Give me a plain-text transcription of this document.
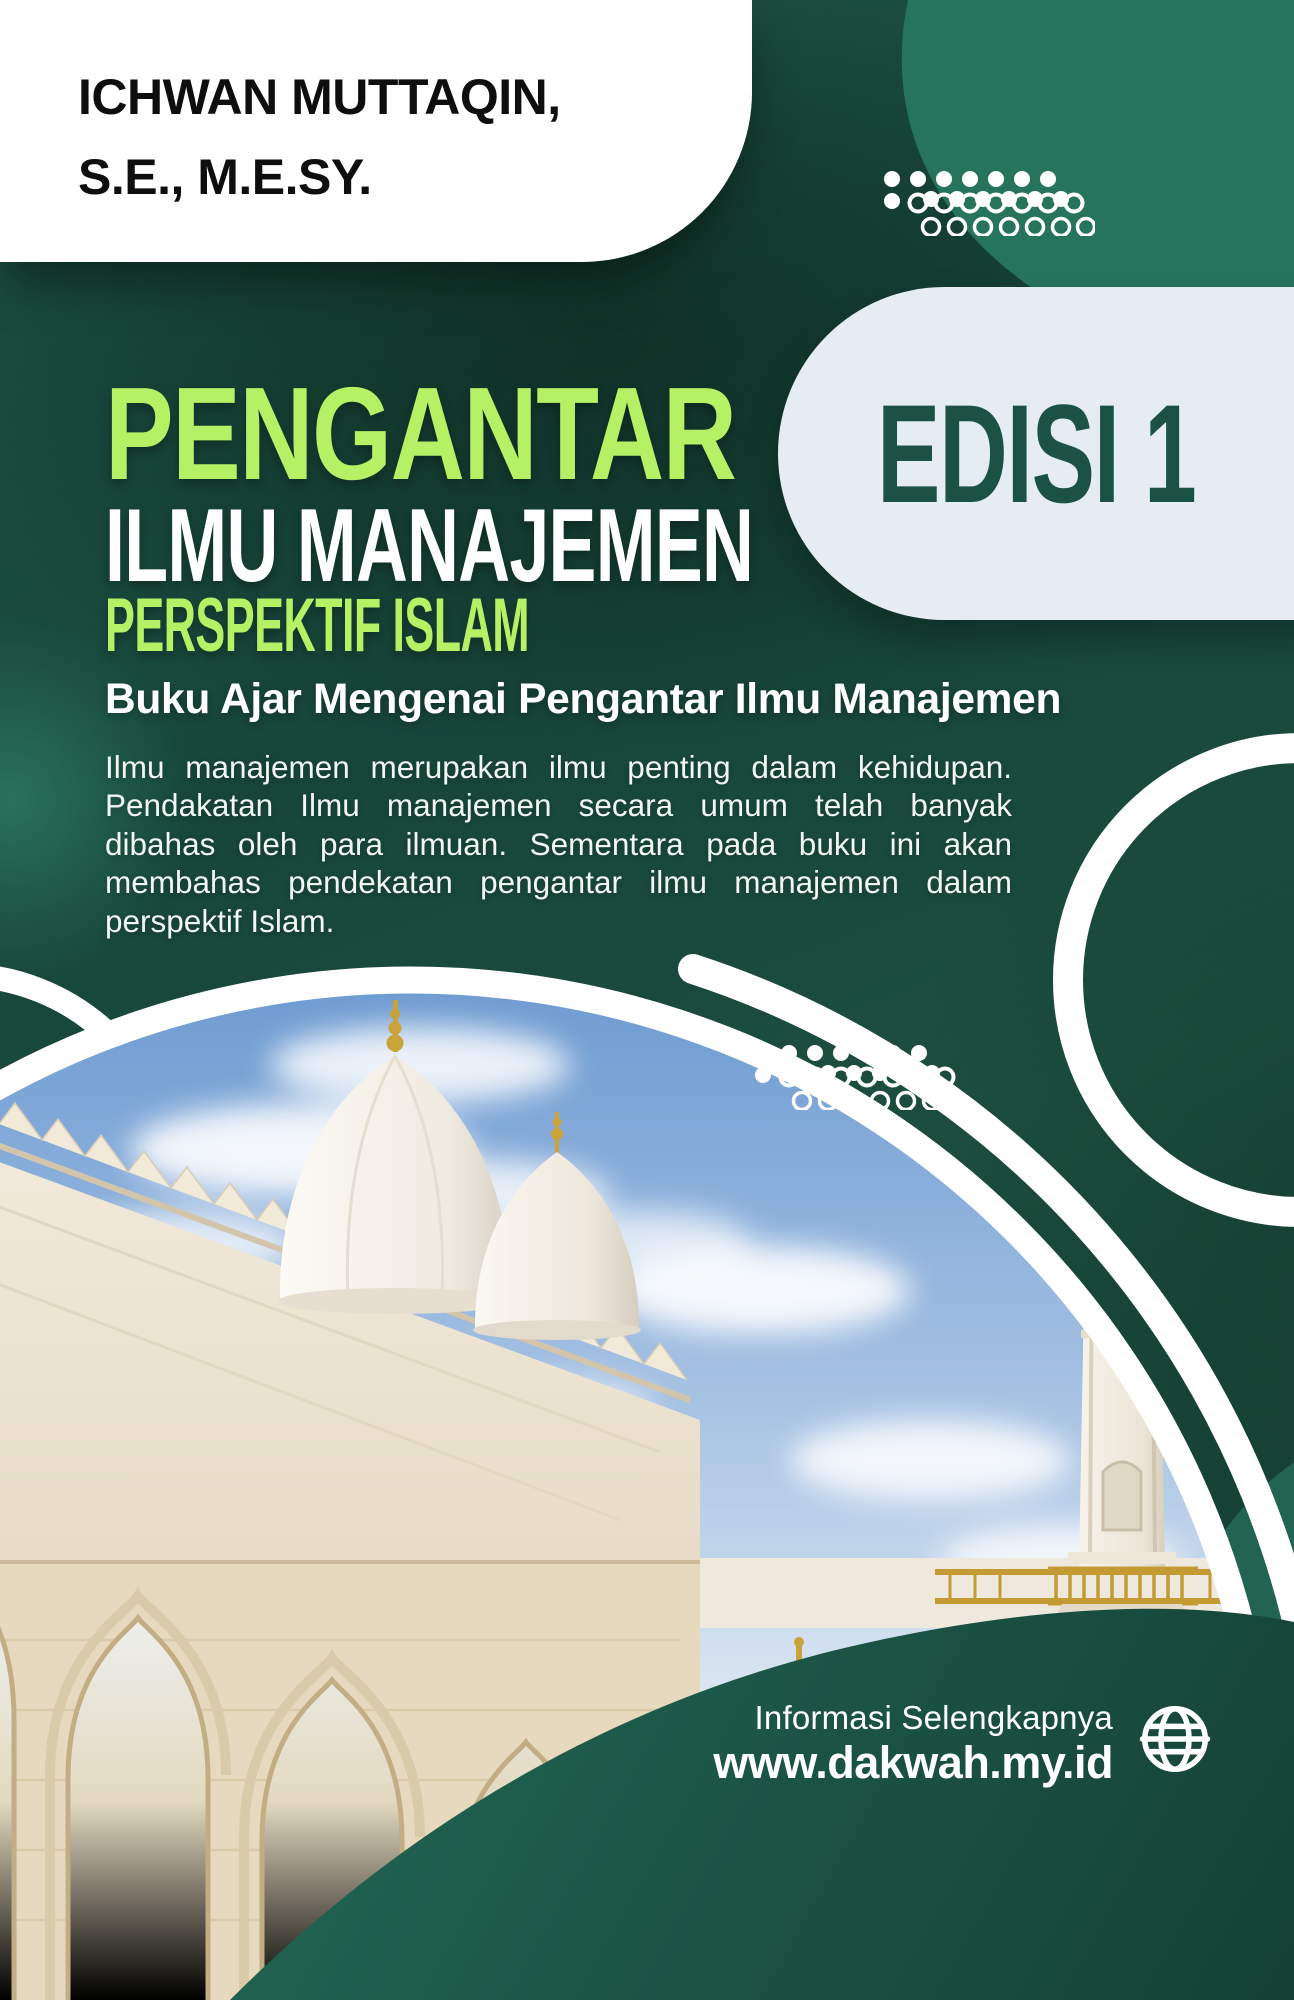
ICHWAN MUTTAQIN,
S.E., M.E.SY.
EDISI 1
PENGANTAR
ILMU MANAJEMEN
PERSPEKTIF ISLAM
Buku Ajar Mengenai Pengantar Ilmu Manajemen

Ilmu manajemen merupakan ilmu penting dalam kehidupan. Pendakatan Ilmu manajemen secara umum telah banyak dibahas oleh para ilmuan. Sementara pada buku ini akan membahas pendekatan pengantar ilmu manajemen dalam perspektif Islam.

Informasi Selengkapnya
www.dakwah.my.id
